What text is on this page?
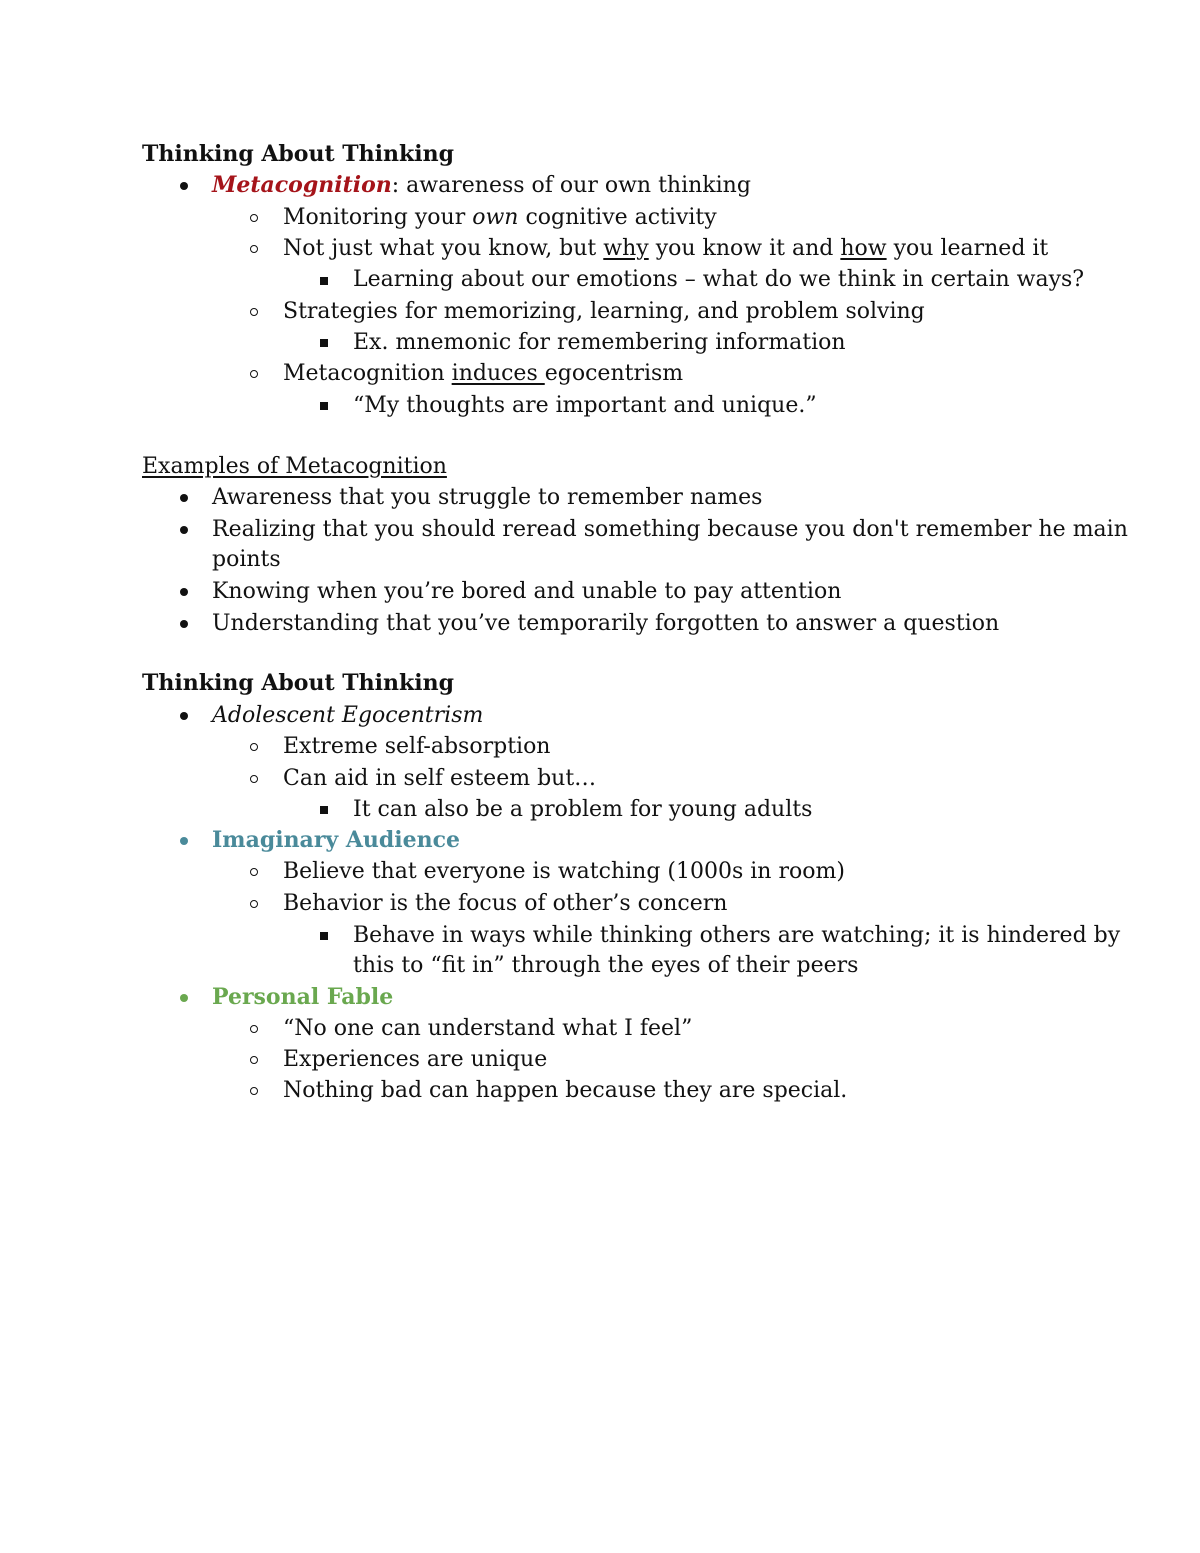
Thinking About Thinking
Metacognition: awareness of our own thinking
Monitoring your own cognitive activity
Not just what you know, but why you know it and how you learned it
Learning about our emotions – what do we think in certain ways?
Strategies for memorizing, learning, and problem solving
Ex. mnemonic for remembering information
Metacognition induces egocentrism
“My thoughts are important and unique.”
Examples of Metacognition
Awareness that you struggle to remember names
Realizing that you should reread something because you don't remember he main
points
Knowing when you’re bored and unable to pay attention
Understanding that you’ve temporarily forgotten to answer a question
Thinking About Thinking
Adolescent Egocentrism
Extreme self-absorption
Can aid in self esteem but…
It can also be a problem for young adults
Imaginary Audience
Believe that everyone is watching (1000s in room)
Behavior is the focus of other’s concern
Behave in ways while thinking others are watching; it is hindered by
this to “fit in” through the eyes of their peers
Personal Fable
“No one can understand what I feel”
Experiences are unique
Nothing bad can happen because they are special.
